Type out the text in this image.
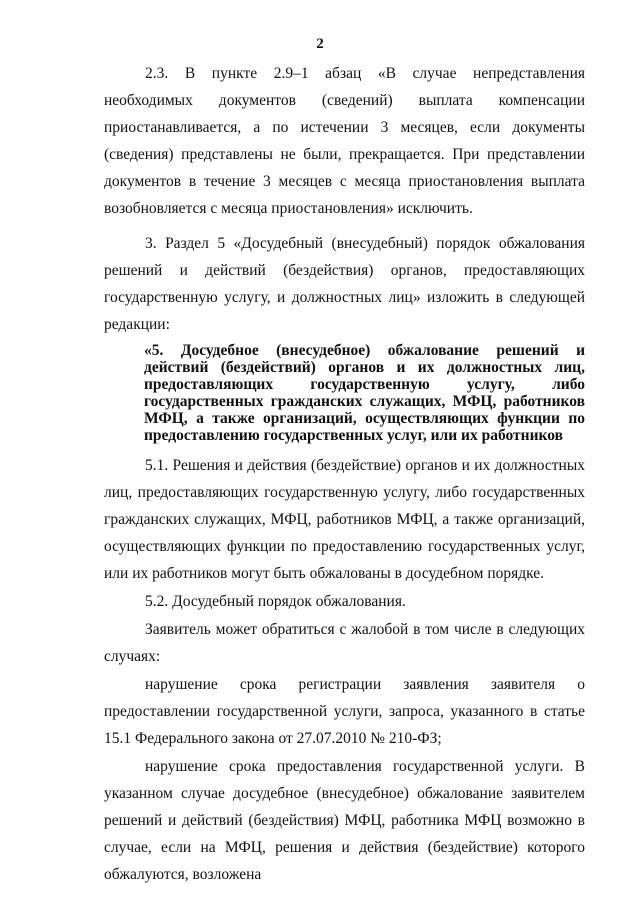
2

2.3. В пункте 2.9–1 абзац «В случае непредставления необходимых документов (сведений) выплата компенсации приостанавливается, а по истечении 3 месяцев, если документы (сведения) представлены не были, прекращается. При представлении документов в течение 3 месяцев с месяца приостановления выплата возобновляется с месяца приостановления» исключить.

3. Раздел 5 «Досудебный (внесудебный) порядок обжалования решений и действий (бездействия) органов, предоставляющих государственную услугу, и должностных лиц» изложить в следующей редакции:

«5. Досудебное (внесудебное) обжалование решений и действий (бездействий) органов и их должностных лиц, предоставляющих государственную услугу, либо государственных гражданских служащих, МФЦ, работников МФЦ, а также организаций, осуществляющих функции по предоставлению государственных услуг, или их работников

5.1. Решения и действия (бездействие) органов и их должностных лиц, предоставляющих государственную услугу, либо государственных гражданских служащих, МФЦ, работников МФЦ, а также организаций, осуществляющих функции по предоставлению государственных услуг, или их работников могут быть обжалованы в досудебном порядке.

5.2. Досудебный порядок обжалования.

Заявитель может обратиться с жалобой в том числе в следующих случаях:

нарушение срока регистрации заявления заявителя о предоставлении государственной услуги, запроса, указанного в статье 15.1 Федерального закона от 27.07.2010 № 210-ФЗ;

нарушение срока предоставления государственной услуги. В указанном случае досудебное (внесудебное) обжалование заявителем решений и действий (бездействия) МФЦ, работника МФЦ возможно в случае, если на МФЦ, решения и действия (бездействие) которого обжалуются, возложена
